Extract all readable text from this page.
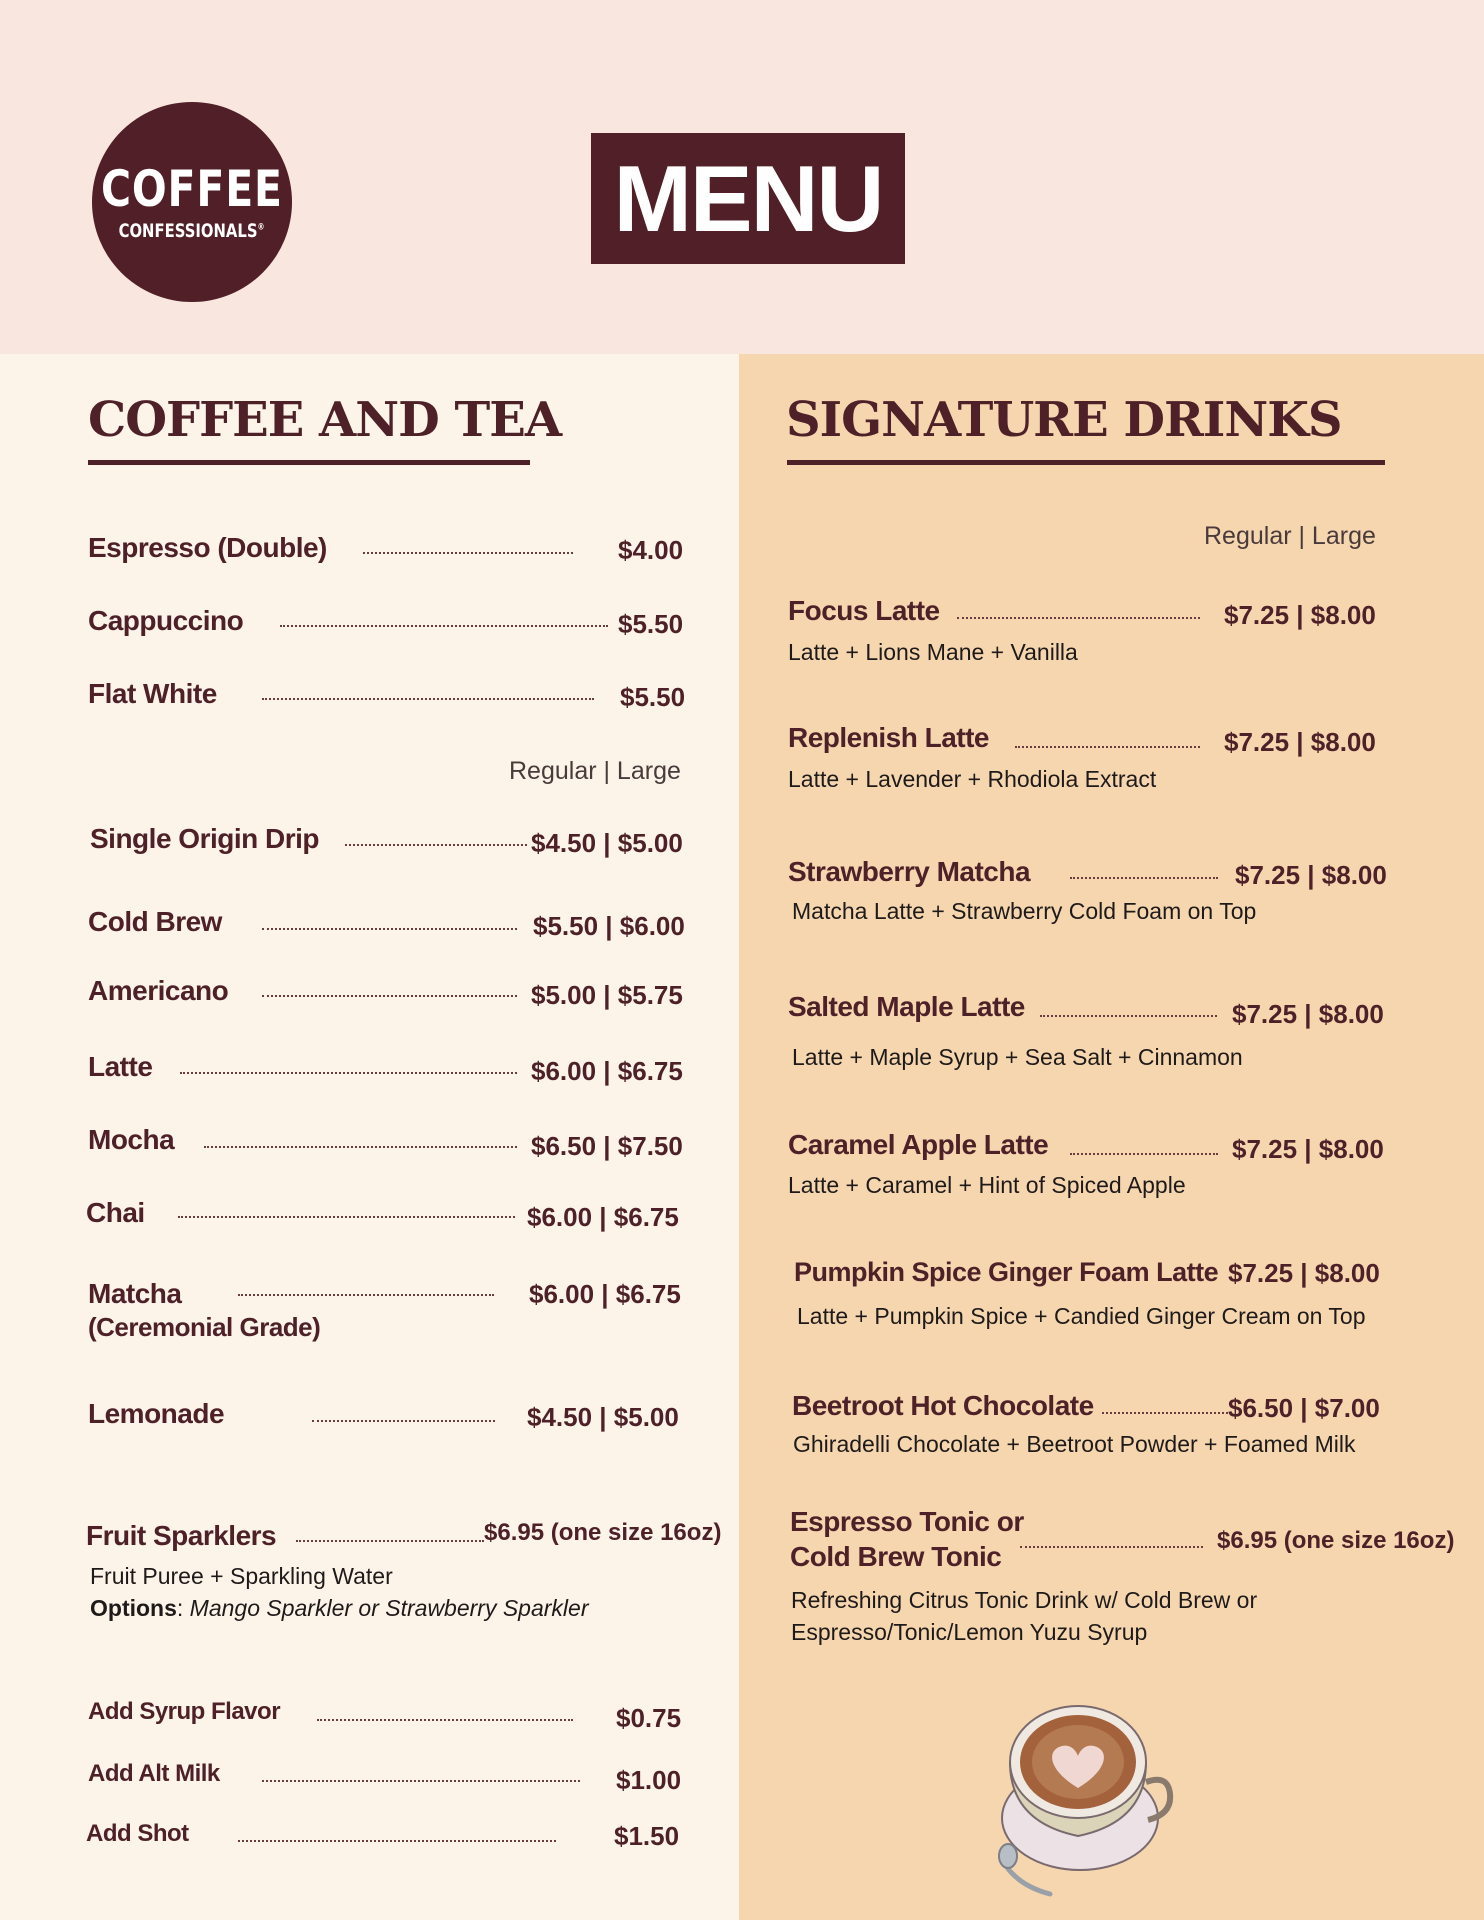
COFFEE
CONFESSIONALS®	MENU
COFFEE AND TEA
Espresso (Double)	$4.00
Cappuccino	$5.50
Flat White	$5.50
Regular | Large
Single Origin Drip	$4.50 | $5.00
Cold Brew	$5.50 | $6.00
Americano	$5.00 | $5.75
Latte	$6.00 | $6.75
Mocha	$6.50 | $7.50
Chai	$6.00 | $6.75
Matcha
(Ceremonial Grade)
$6.00 | $6.75
Lemonade	$4.50 | $5.00
Fruit Sparklers	$6.95 (one size 16oz)
Fruit Puree + Sparkling Water
Options: Mango Sparkler or Strawberry Sparkler
Add Syrup Flavor	$0.75
Add Alt Milk	$1.00
Add Shot	$1.50
SIGNATURE DRINKS
Regular | Large
Focus Latte	$7.25 | $8.00
Latte + Lions Mane + Vanilla
Replenish Latte	$7.25 | $8.00
Latte + Lavender + Rhodiola Extract
Strawberry Matcha	$7.25 | $8.00
Matcha Latte + Strawberry Cold Foam on Top
Salted Maple Latte	$7.25 | $8.00
Latte + Maple Syrup + Sea Salt + Cinnamon
Caramel Apple Latte	$7.25 | $8.00
Latte + Caramel + Hint of Spiced Apple
Pumpkin Spice Ginger Foam Latte $7.25 | $8.00
Latte + Pumpkin Spice + Candied Ginger Cream on Top
Beetroot Hot Chocolate	$6.50 | $7.00
Ghiradelli Chocolate + Beetroot Powder + Foamed Milk
Espresso Tonic or
Cold Brew Tonic
$6.95 (one size 16oz)
Refreshing Citrus Tonic Drink w/ Cold Brew or
Espresso/Tonic/Lemon Yuzu Syrup
